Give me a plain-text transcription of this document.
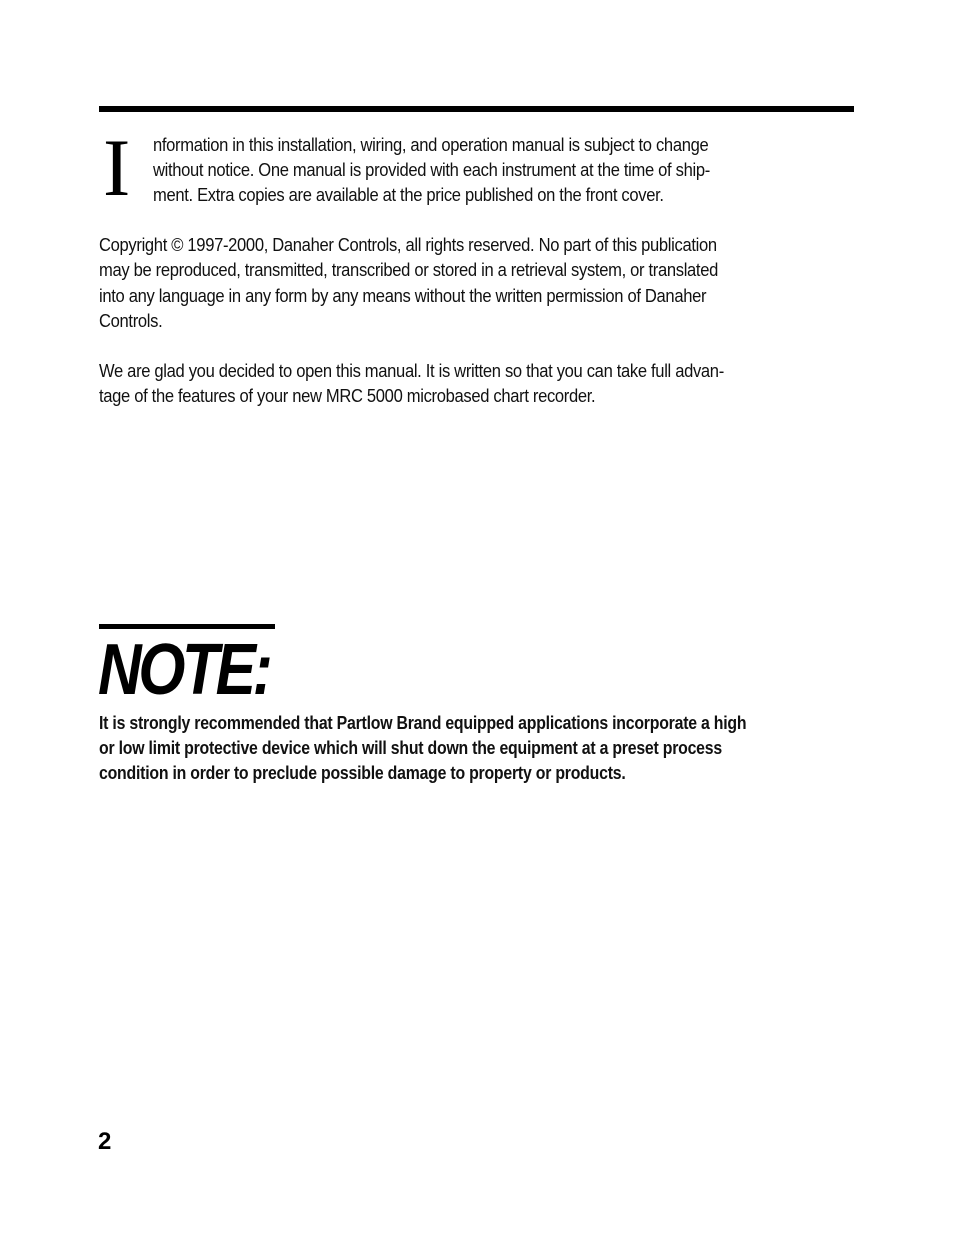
I nformation in this installation, wiring, and operation manual is subject to change

without notice. One manual is provided with each instrument at the time of ship-

ment. Extra copies are available at the price published on the front cover.

Copyright © 1997-2000, Danaher Controls, all rights reserved. No part of this publication

may be reproduced, transmitted, transcribed or stored in a retrieval system, or translated

into any language in any form by any means without the written permission of Danaher

Controls.

We are glad you decided to open this manual. It is written so that you can take full advan-

tage of the features of your new MRC 5000 microbased chart recorder.

NOTE:

It is strongly recommended that Partlow Brand equipped applications incorporate a high

or low limit protective device which will shut down the equipment at a preset process

condition in order to preclude possible damage to property or products.

2
